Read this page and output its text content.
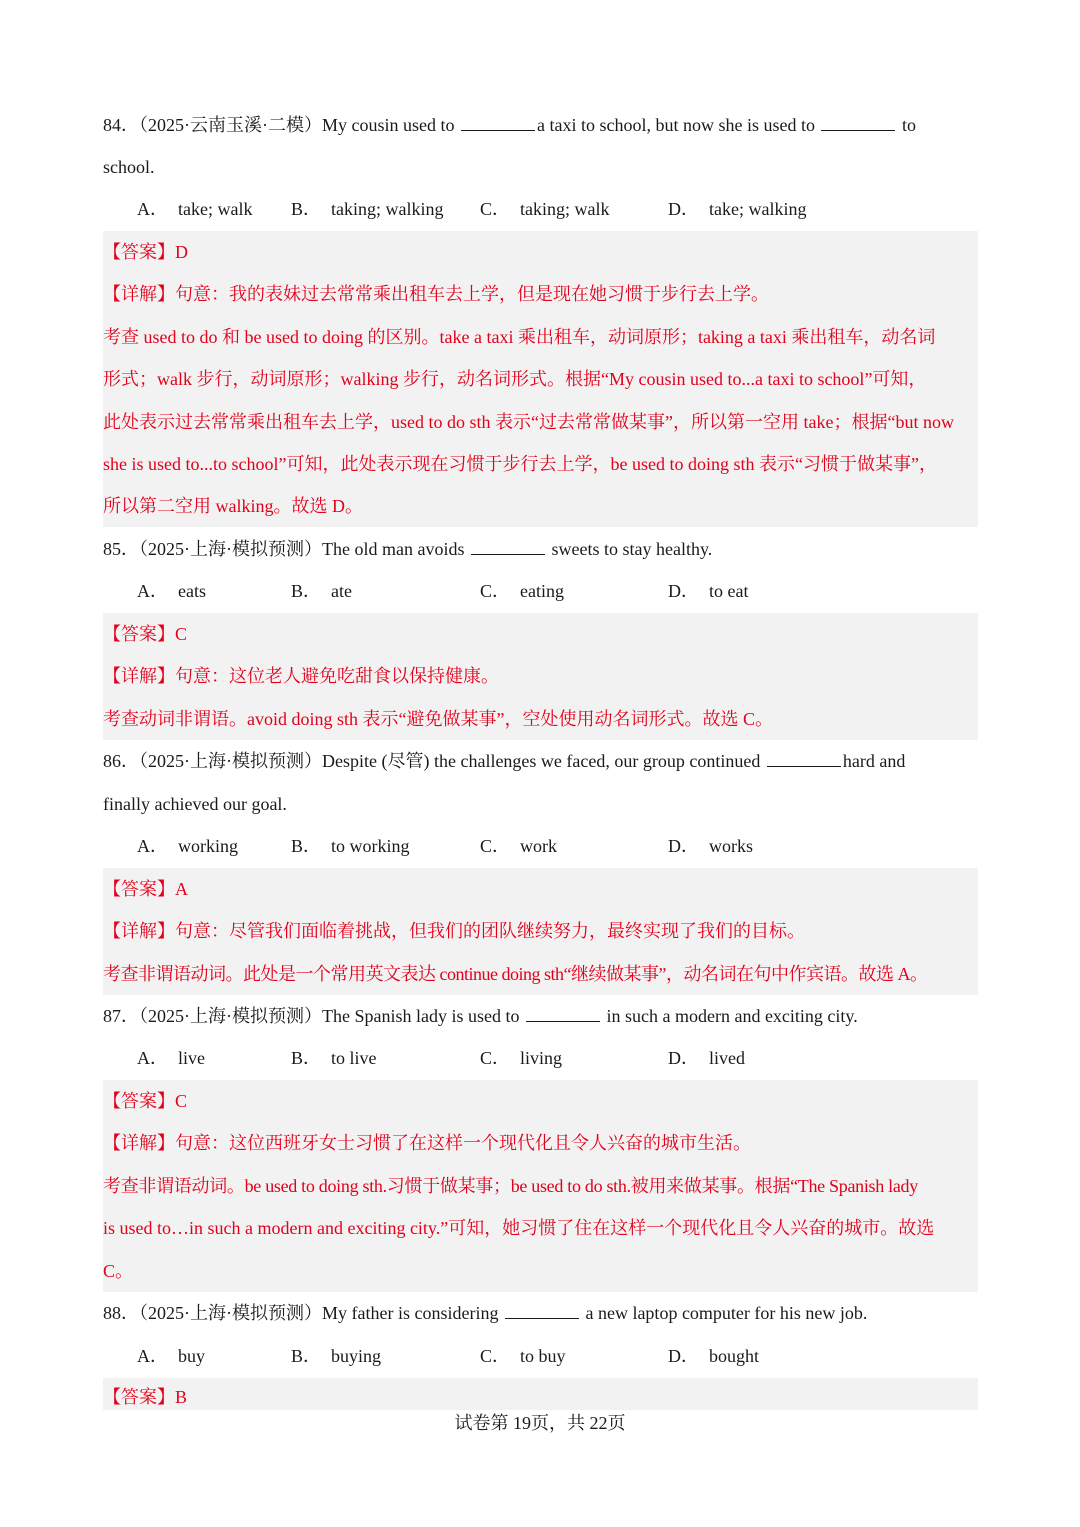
84．（2025·云南玉溪·二模）My cousin used to	a taxi to school, but now she is used to	to
school.
A． take; walk B． taking; walking C． taking; walk	D． take; walking
【答案】D
【详解】句意：我的表妹过去常常乘出租车去上学，但是现在她习惯于步行去上学。
考查 used to do 和 be used to doing 的区别。take a taxi 乘出租车，动词原形；taking a taxi 乘出租车，动名词
形式；walk 步行，动词原形；walking 步行，动名词形式。根据“My cousin used to...a taxi to school”可知，
此处表示过去常常乘出租车去上学，used to do sth 表示“过去常常做某事”，所以第一空用 take；根据“but now
she is used to...to school”可知，此处表示现在习惯于步行去上学，be used to doing sth 表示“习惯于做某事”，
所以第二空用 walking。故选 D。
85．（2025·上海·模拟预测）The old man avoids	sweets to stay healthy.
A． eats	B． ate	C． eating	D． to eat
【答案】C
【详解】句意：这位老人避免吃甜食以保持健康。
考查动词非谓语。avoid doing sth 表示“避免做某事”，空处使用动名词形式。故选 C。
86．（2025·上海·模拟预测）Despite (尽管) the challenges we faced, our group continued	hard and
finally achieved our goal.
A． working	B． to working	C． work	D． works
【答案】A
【详解】句意：尽管我们面临着挑战，但我们的团队继续努力，最终实现了我们的目标。
考查非谓语动词。此处是一个常用英文表达 continue doing sth“继续做某事”，动名词在句中作宾语。故选 A。
87．（2025·上海·模拟预测）The Spanish lady is used to	in such a modern and exciting city.
A． live	B． to live	C． living	D． lived
【答案】C
【详解】句意：这位西班牙女士习惯了在这样一个现代化且令人兴奋的城市生活。
考查非谓语动词。be used to doing sth.习惯于做某事；be used to do sth.被用来做某事。根据“The Spanish lady
is used to…in such a modern and exciting city.”可知，她习惯了住在这样一个现代化且令人兴奋的城市。故选
C。
88．（2025·上海·模拟预测）My father is considering	a new laptop computer for his new job.
A． buy	B． buying	C． to buy	D． bought
【答案】B
试卷第 19页，共 22页
